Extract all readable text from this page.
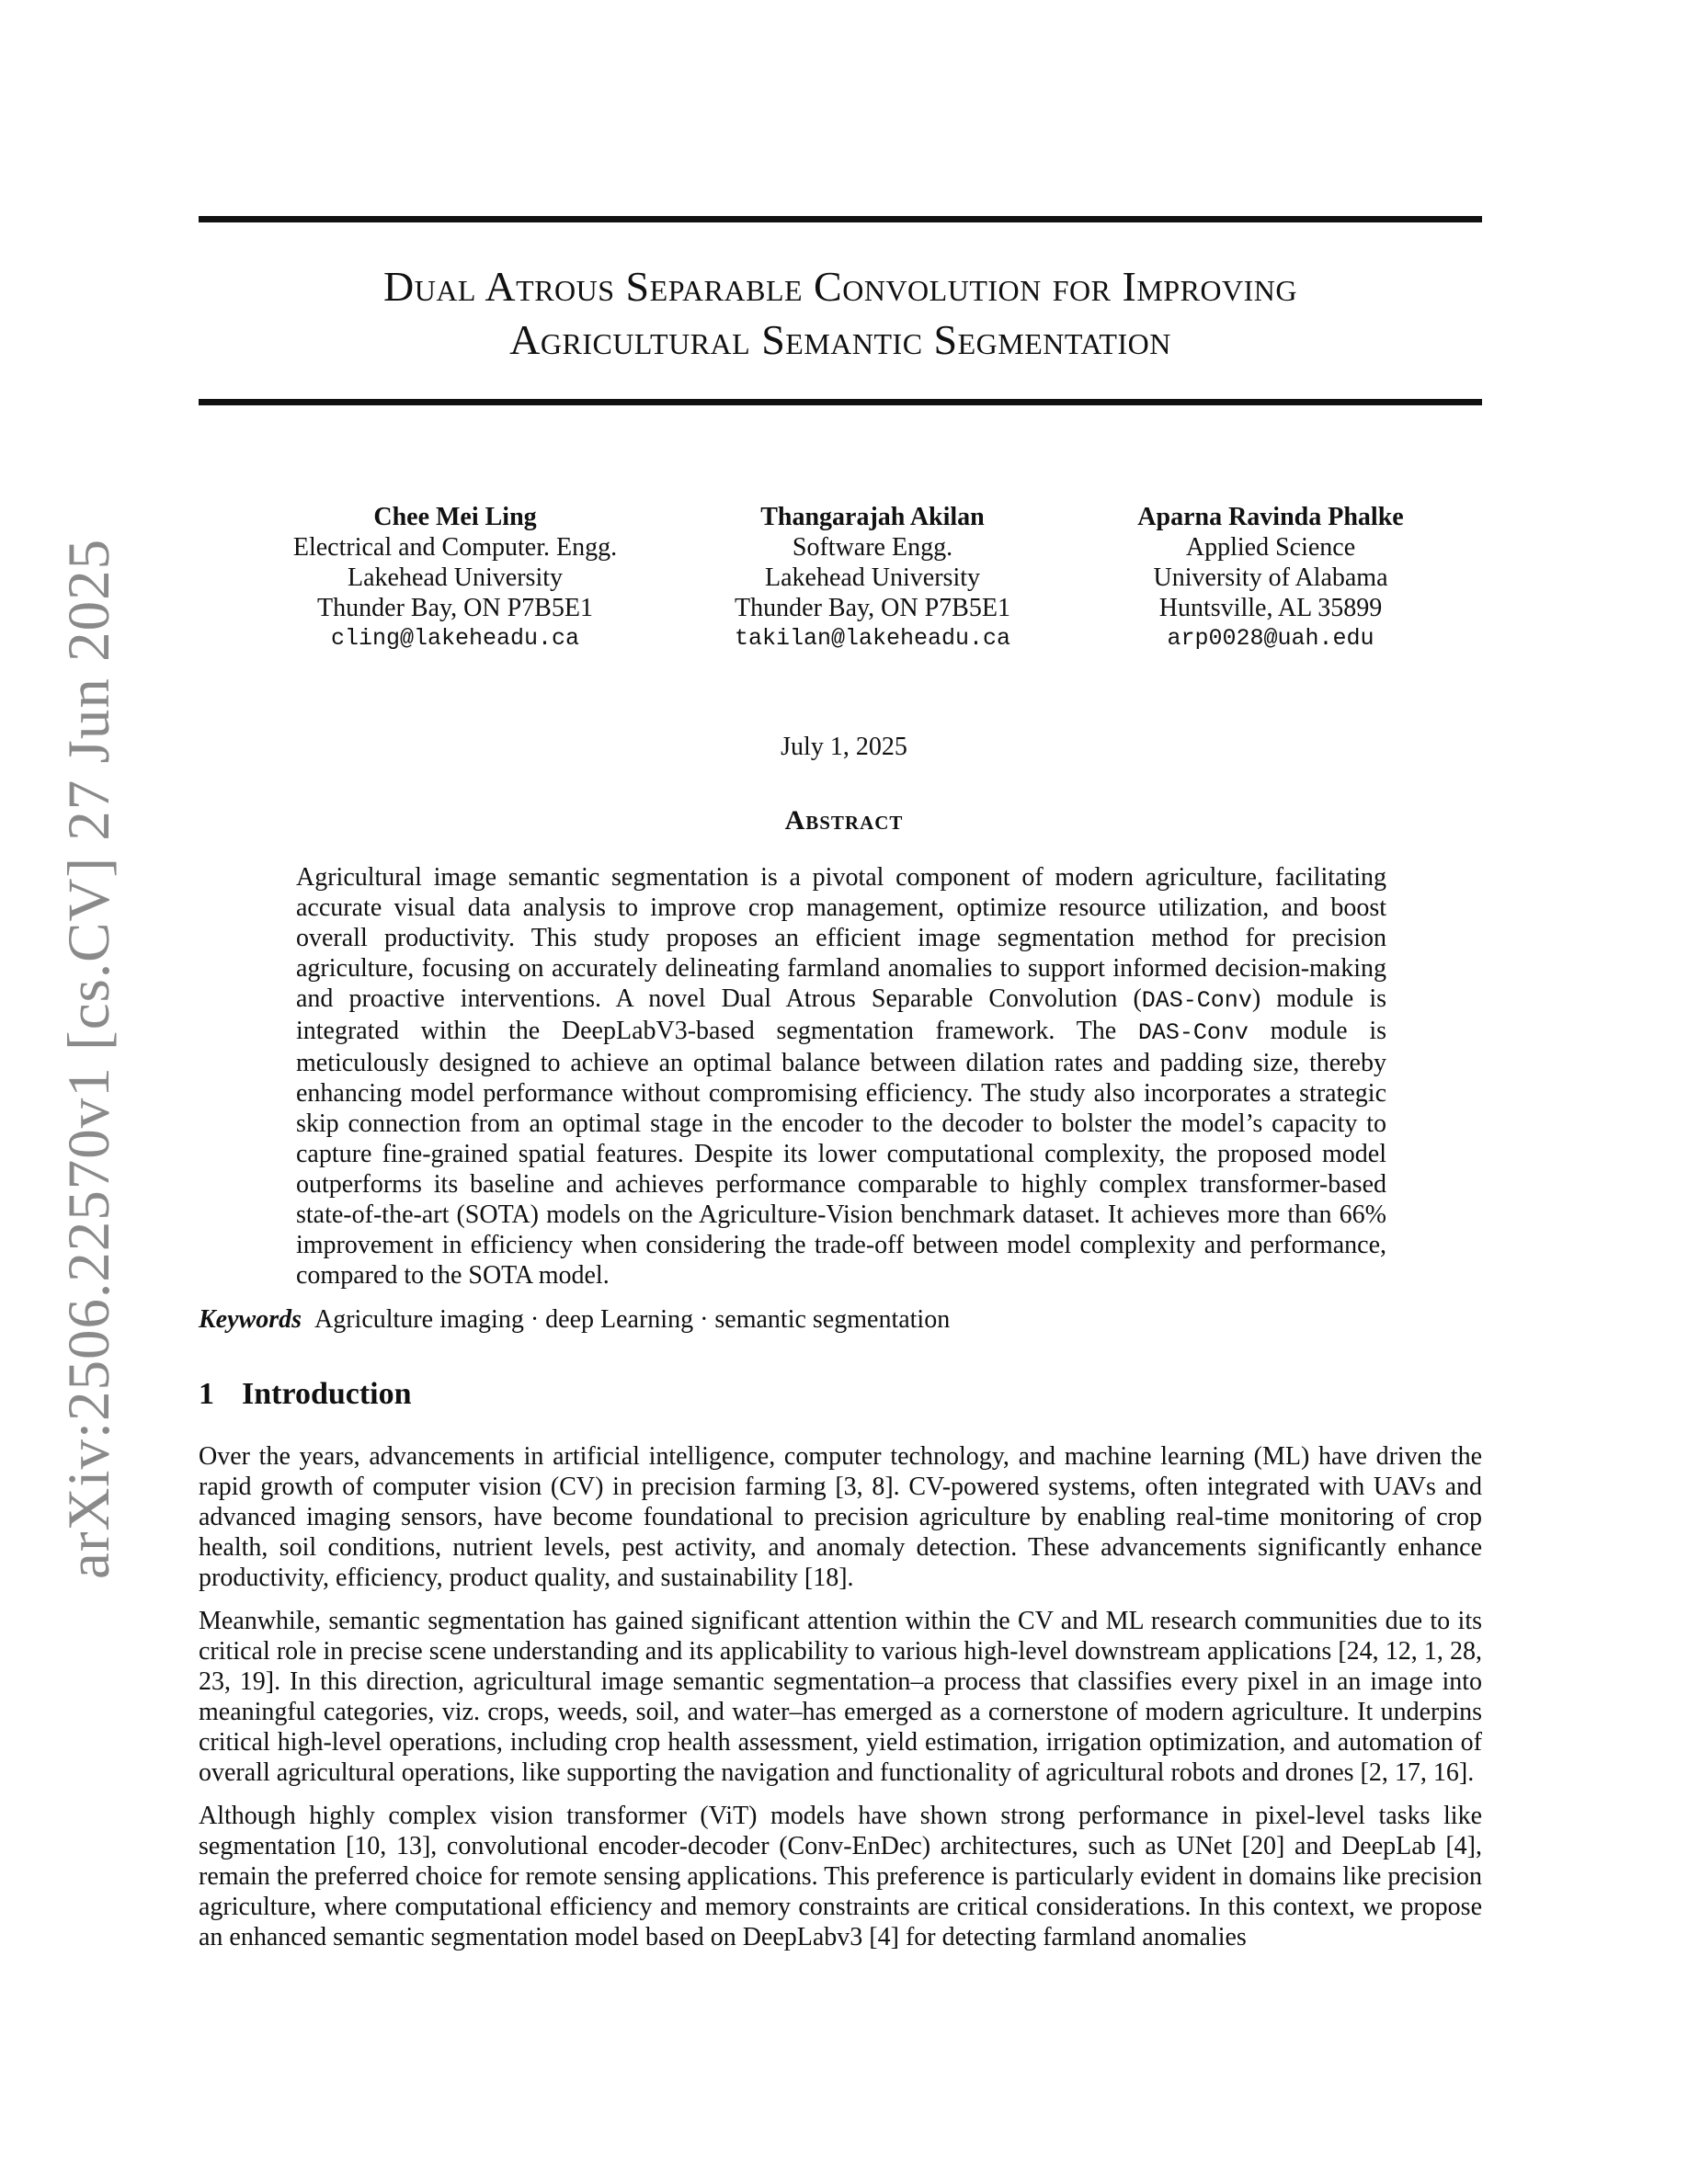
arXiv:2506.22570v1 [cs.CV] 27 Jun 2025
Dual Atrous Separable Convolution for Improving
Agricultural Semantic Segmentation
Chee Mei Ling
Electrical and Computer. Engg.
Lakehead University
Thunder Bay, ON P7B5E1
cling@lakeheadu.ca
Thangarajah Akilan
Software Engg.
Lakehead University
Thunder Bay, ON P7B5E1
takilan@lakeheadu.ca
Aparna Ravinda Phalke
Applied Science
University of Alabama
Huntsville, AL 35899
arp0028@uah.edu
July 1, 2025
Abstract
Agricultural image semantic segmentation is a pivotal component of modern agriculture, facilitating accurate visual data analysis to improve crop management, optimize resource utilization, and boost overall productivity. This study proposes an efficient image segmentation method for precision agriculture, focusing on accurately delineating farmland anomalies to support informed decision-making and proactive interventions. A novel Dual Atrous Separable Convolution (DAS-Conv) module is integrated within the DeepLabV3-based segmentation framework. The DAS-Conv module is meticulously designed to achieve an optimal balance between dilation rates and padding size, thereby enhancing model performance without compromising efficiency. The study also incorporates a strategic skip connection from an optimal stage in the encoder to the decoder to bolster the model’s capacity to capture fine-grained spatial features. Despite its lower computational complexity, the proposed model outperforms its baseline and achieves performance comparable to highly complex transformer-based state-of-the-art (SOTA) models on the Agriculture-Vision benchmark dataset. It achieves more than 66% improvement in efficiency when considering the trade-off between model complexity and performance, compared to the SOTA model.
Keywords Agriculture imaging · deep Learning · semantic segmentation
1 Introduction

Over the years, advancements in artificial intelligence, computer technology, and machine learning (ML) have driven the rapid growth of computer vision (CV) in precision farming [3, 8]. CV-powered systems, often integrated with UAVs and advanced imaging sensors, have become foundational to precision agriculture by enabling real-time monitoring of crop health, soil conditions, nutrient levels, pest activity, and anomaly detection. These advancements significantly enhance productivity, efficiency, product quality, and sustainability [18].

Meanwhile, semantic segmentation has gained significant attention within the CV and ML research communities due to its critical role in precise scene understanding and its applicability to various high-level downstream applications [24, 12, 1, 28, 23, 19]. In this direction, agricultural image semantic segmentation–a process that classifies every pixel in an image into meaningful categories, viz. crops, weeds, soil, and water–has emerged as a cornerstone of modern agriculture. It underpins critical high-level operations, including crop health assessment, yield estimation, irrigation optimization, and automation of overall agricultural operations, like supporting the navigation and functionality of agricultural robots and drones [2, 17, 16].

Although highly complex vision transformer (ViT) models have shown strong performance in pixel-level tasks like segmentation [10, 13], convolutional encoder-decoder (Conv-EnDec) architectures, such as UNet [20] and DeepLab [4], remain the preferred choice for remote sensing applications. This preference is particularly evident in domains like precision agriculture, where computational efficiency and memory constraints are critical considerations. In this context, we propose an enhanced semantic segmentation model based on DeepLabv3 [4] for detecting farmland anomalies
